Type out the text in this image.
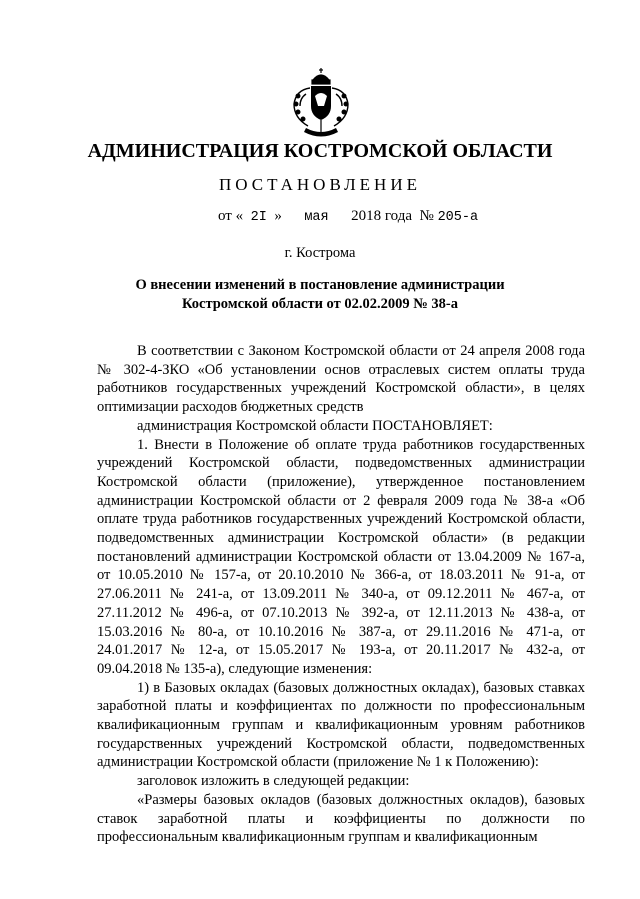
АДМИНИСТРАЦИЯ КОСТРОМСКОЙ ОБЛАСТИ
ПОСТАНОВЛЕНИЕ
от « 2I » мая 2018 года № 205-а
г. Кострома
О внесении изменений в постановление администрации
Костромской области от 02.02.2009 № 38-а

В соответствии с Законом Костромской области от 24 апреля 2008 года № 302-4-ЗКО «Об установлении основ отраслевых систем оплаты труда работников государственных учреждений Костромской области», в целях оптимизации расходов бюджетных средств

администрация Костромской области ПОСТАНОВЛЯЕТ:

1. Внести в Положение об оплате труда работников государственных учреждений Костромской области, подведомственных администрации Костромской области (приложение), утвержденное постановлением администрации Костромской области от 2 февраля 2009 года № 38-а «Об оплате труда работников государственных учреждений Костромской области, подведомственных администрации Костромской области» (в редакции постановлений администрации Костромской области от 13.04.2009 № 167-а, от 10.05.2010 № 157-а, от 20.10.2010 № 366-а, от 18.03.2011 № 91-а, от 27.06.2011 № 241-а, от 13.09.2011 № 340-а, от 09.12.2011 № 467-а, от 27.11.2012 № 496-а, от 07.10.2013 № 392-а, от 12.11.2013 № 438-а, от 15.03.2016 № 80-а, от 10.10.2016 № 387-а, от 29.11.2016 № 471-а, от 24.01.2017 № 12-а, от 15.05.2017 № 193-а, от 20.11.2017 № 432-а, от 09.04.2018 № 135-а), следующие изменения:

1) в Базовых окладах (базовых должностных окладах), базовых ставках заработной платы и коэффициентах по должности по профессиональным квалификационным группам и квалификационным уровням работников государственных учреждений Костромской области, подведомственных администрации Костромской области (приложение № 1 к Положению):

заголовок изложить в следующей редакции:

«Размеры базовых окладов (базовых должностных окладов), базовых ставок заработной платы и коэффициенты по должности по профессиональным квалификационным группам и квалификационным
